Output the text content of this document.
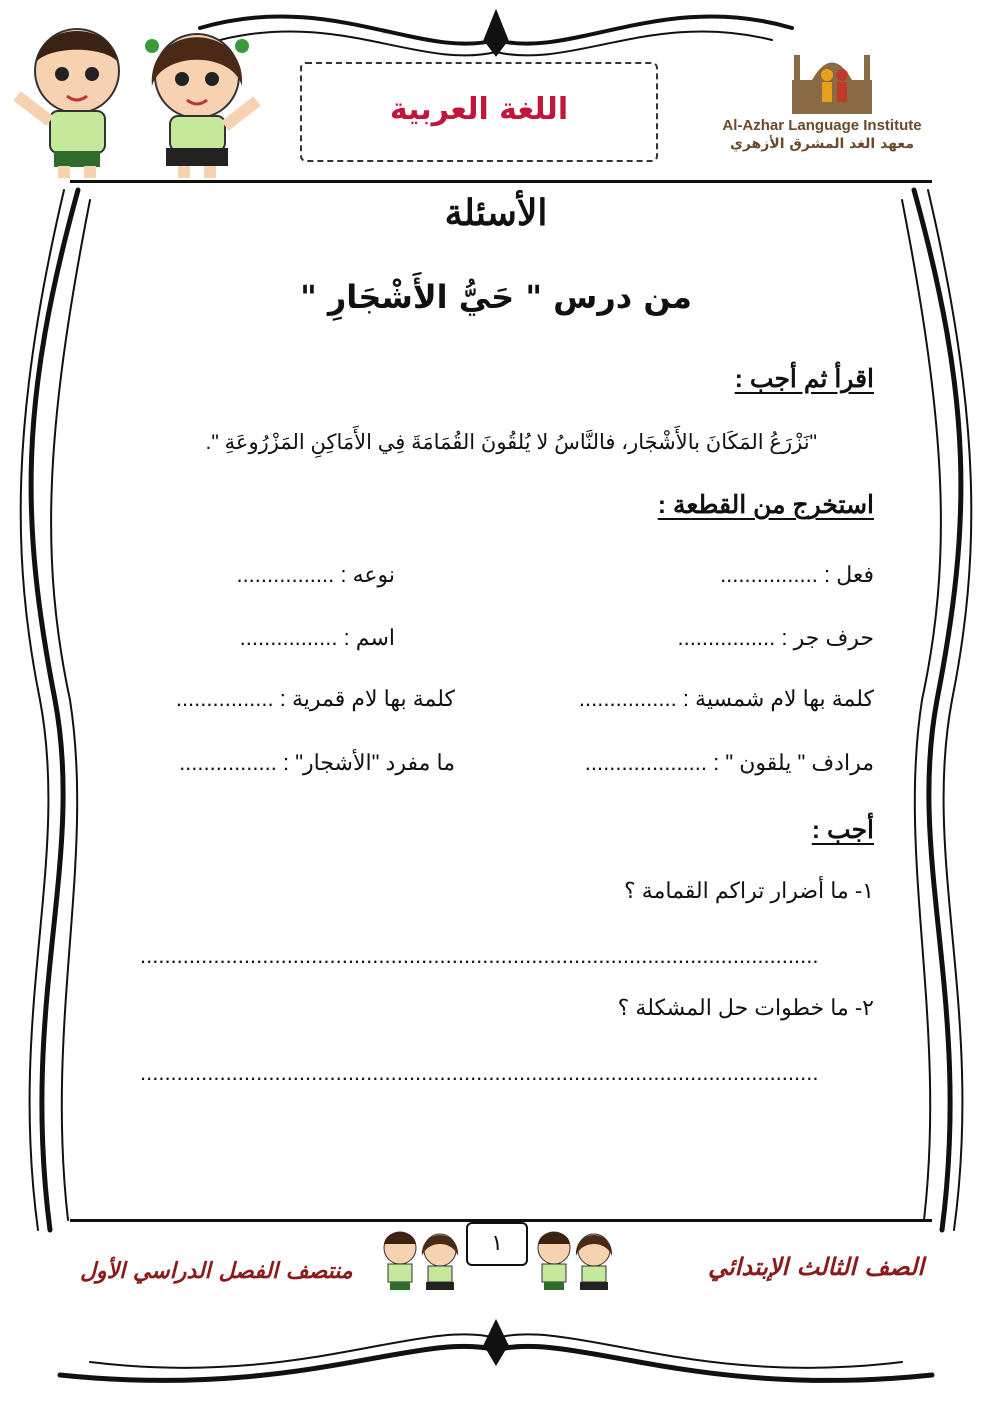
اللغة العربية	Al-Azhar Language Institute
معهد الغد المشرق الأزهري
الأسئلة
من درس " حَيُّ الأَشْجَارِ "
اقرأ ثم أجب :
"نَزْرَعُ المَكَانَ بالأَشْجَار، فالنَّاسُ لا يُلقُونَ القُمَامَةَ فِي الأَمَاكِنِ المَزْرُوعَةِ ".
استخرج من القطعة :
فعل : ................
نوعه : ................
حرف جر : ................
اسم : ................
كلمة بها لام شمسية : ................
كلمة بها لام قمرية : ................
مرادف " يلقون " : ....................
ما مفرد "الأشجار" : ................
أجب :
١- ما أضرار تراكم القمامة ؟
...............................................................................................................
٢- ما خطوات حل المشكلة ؟
...............................................................................................................
١
منتصف الفصل الدراسي الأول	الصف الثالث الإبتدائي
